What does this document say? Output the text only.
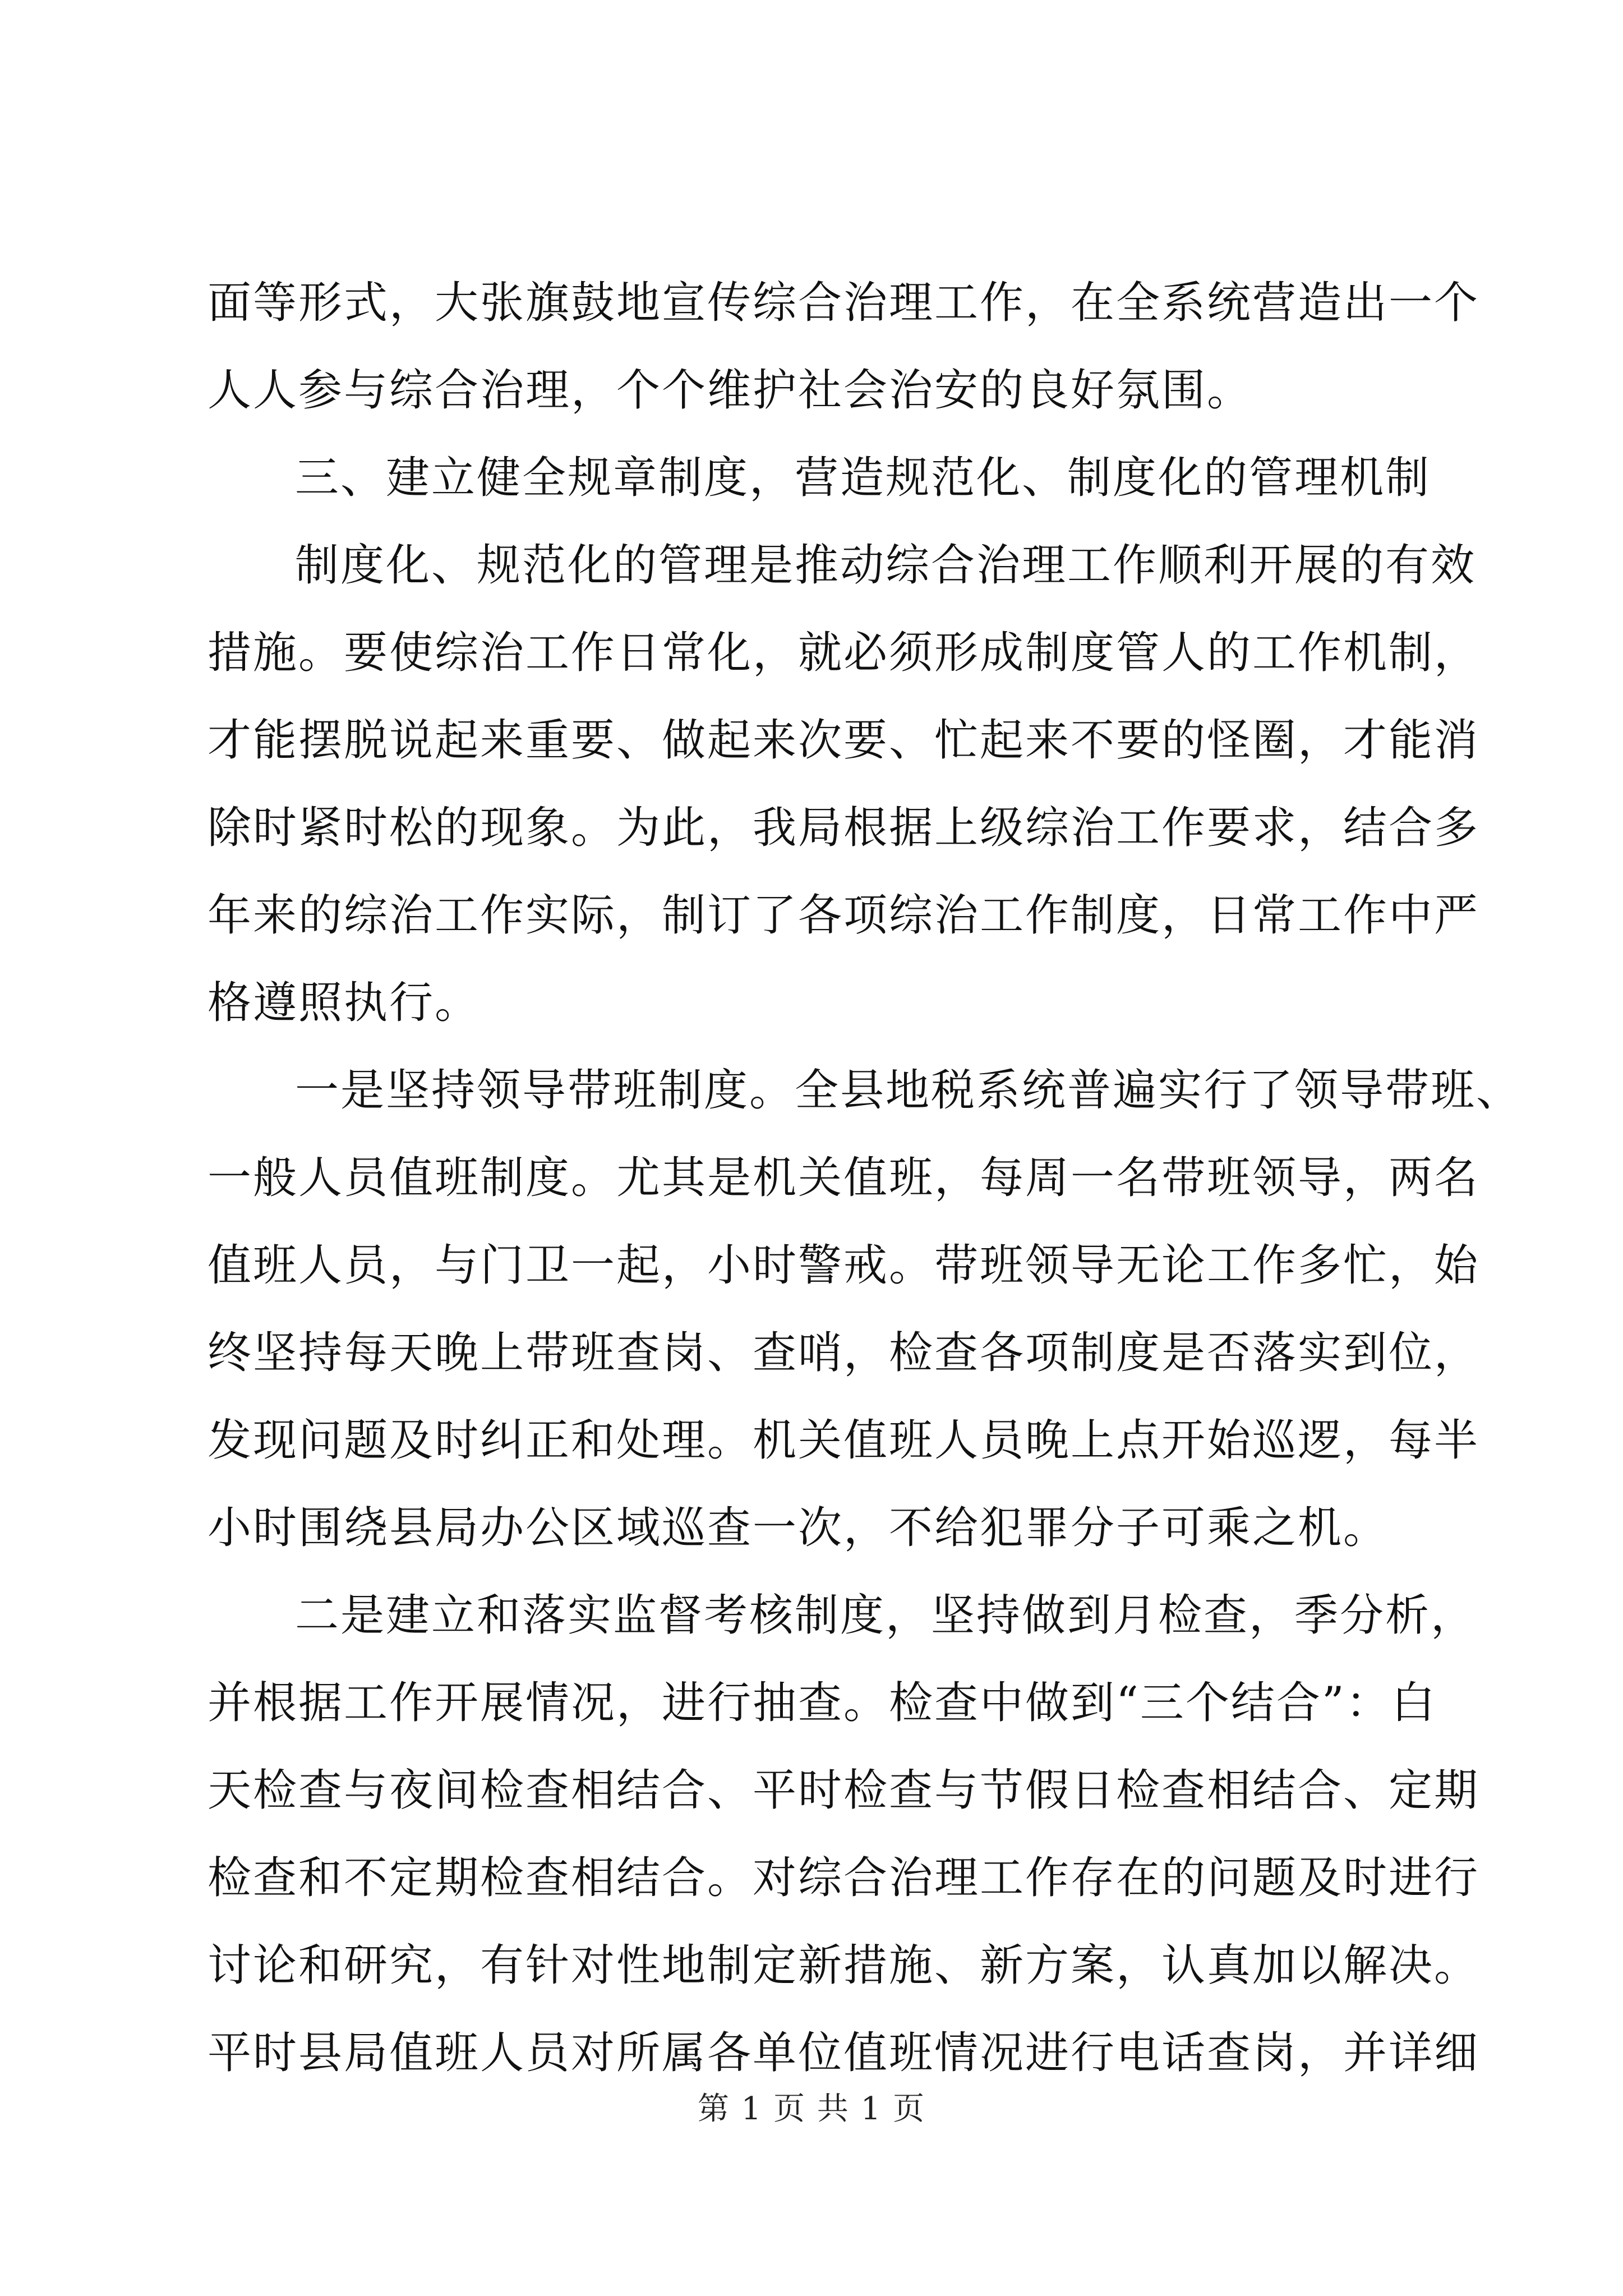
面等形式，大张旗鼓地宣传综合治理工作，在全系统营造出一个
人人参与综合治理，个个维护社会治安的良好氛围。
三、建立健全规章制度，营造规范化、制度化的管理机制
制度化、规范化的管理是推动综合治理工作顺利开展的有效
措施。要使综治工作日常化，就必须形成制度管人的工作机制，
才能摆脱说起来重要、做起来次要、忙起来不要的怪圈，才能消
除时紧时松的现象。为此，我局根据上级综治工作要求，结合多
年来的综治工作实际，制订了各项综治工作制度，日常工作中严
格遵照执行。
一是坚持领导带班制度。全县地税系统普遍实行了领导带班、
一般人员值班制度。尤其是机关值班，每周一名带班领导，两名
值班人员，与门卫一起，小时警戒。带班领导无论工作多忙，始
终坚持每天晚上带班查岗、查哨，检查各项制度是否落实到位，
发现问题及时纠正和处理。机关值班人员晚上点开始巡逻，每半
小时围绕县局办公区域巡查一次，不给犯罪分子可乘之机。
二是建立和落实监督考核制度，坚持做到月检查，季分析，
并根据工作开展情况，进行抽查。检查中做到“三个结合”：白
天检查与夜间检查相结合、平时检查与节假日检查相结合、定期
检查和不定期检查相结合。对综合治理工作存在的问题及时进行
讨论和研究，有针对性地制定新措施、新方案，认真加以解决。
平时县局值班人员对所属各单位值班情况进行电话查岗，并详细
第 1 页 共 1 页
